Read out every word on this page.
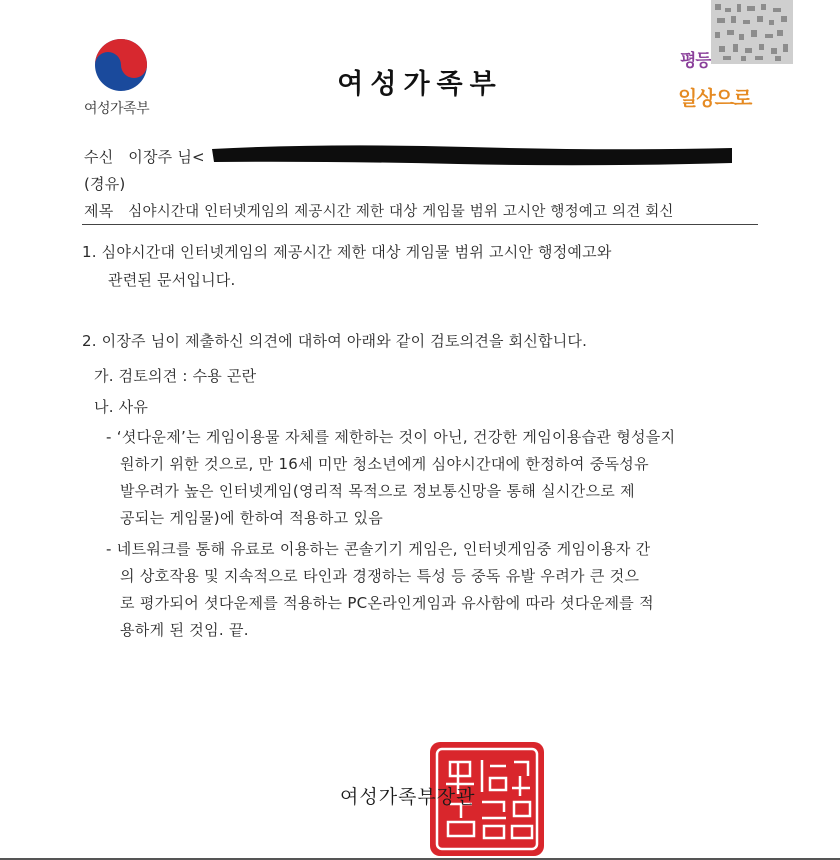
여성가족부
여성가족부
평등
일상으로
수신 이장주 님<
(경유)
제목 심야시간대 인터넷게임의 제공시간 제한 대상 게임물 범위 고시안 행정예고 의견 회신
1. 심야시간대 인터넷게임의 제공시간 제한 대상 게임물 범위 고시안 행정예고와
관련된 문서입니다.
2. 이장주 님이 제출하신 의견에 대하여 아래와 같이 검토의견을 회신합니다.
가. 검토의견 : 수용 곤란
나. 사유
- ‘셧다운제’는 게임이용물 자체를 제한하는 것이 아닌, 건강한 게임이용습관 형성을지
원하기 위한 것으로, 만 16세 미만 청소년에게 심야시간대에 한정하여 중독성유
발우려가 높은 인터넷게임(영리적 목적으로 정보통신망을 통해 실시간으로 제
공되는 게임물)에 한하여 적용하고 있음
- 네트워크를 통해 유료로 이용하는 콘솔기기 게임은, 인터넷게임중 게임이용자 간
의 상호작용 및 지속적으로 타인과 경쟁하는 특성 등 중독 유발 우려가 큰 것으
로 평가되어 셧다운제를 적용하는 PC온라인게임과 유사함에 따라 셧다운제를 적
용하게 된 것임. 끝.
여성가족부장관
